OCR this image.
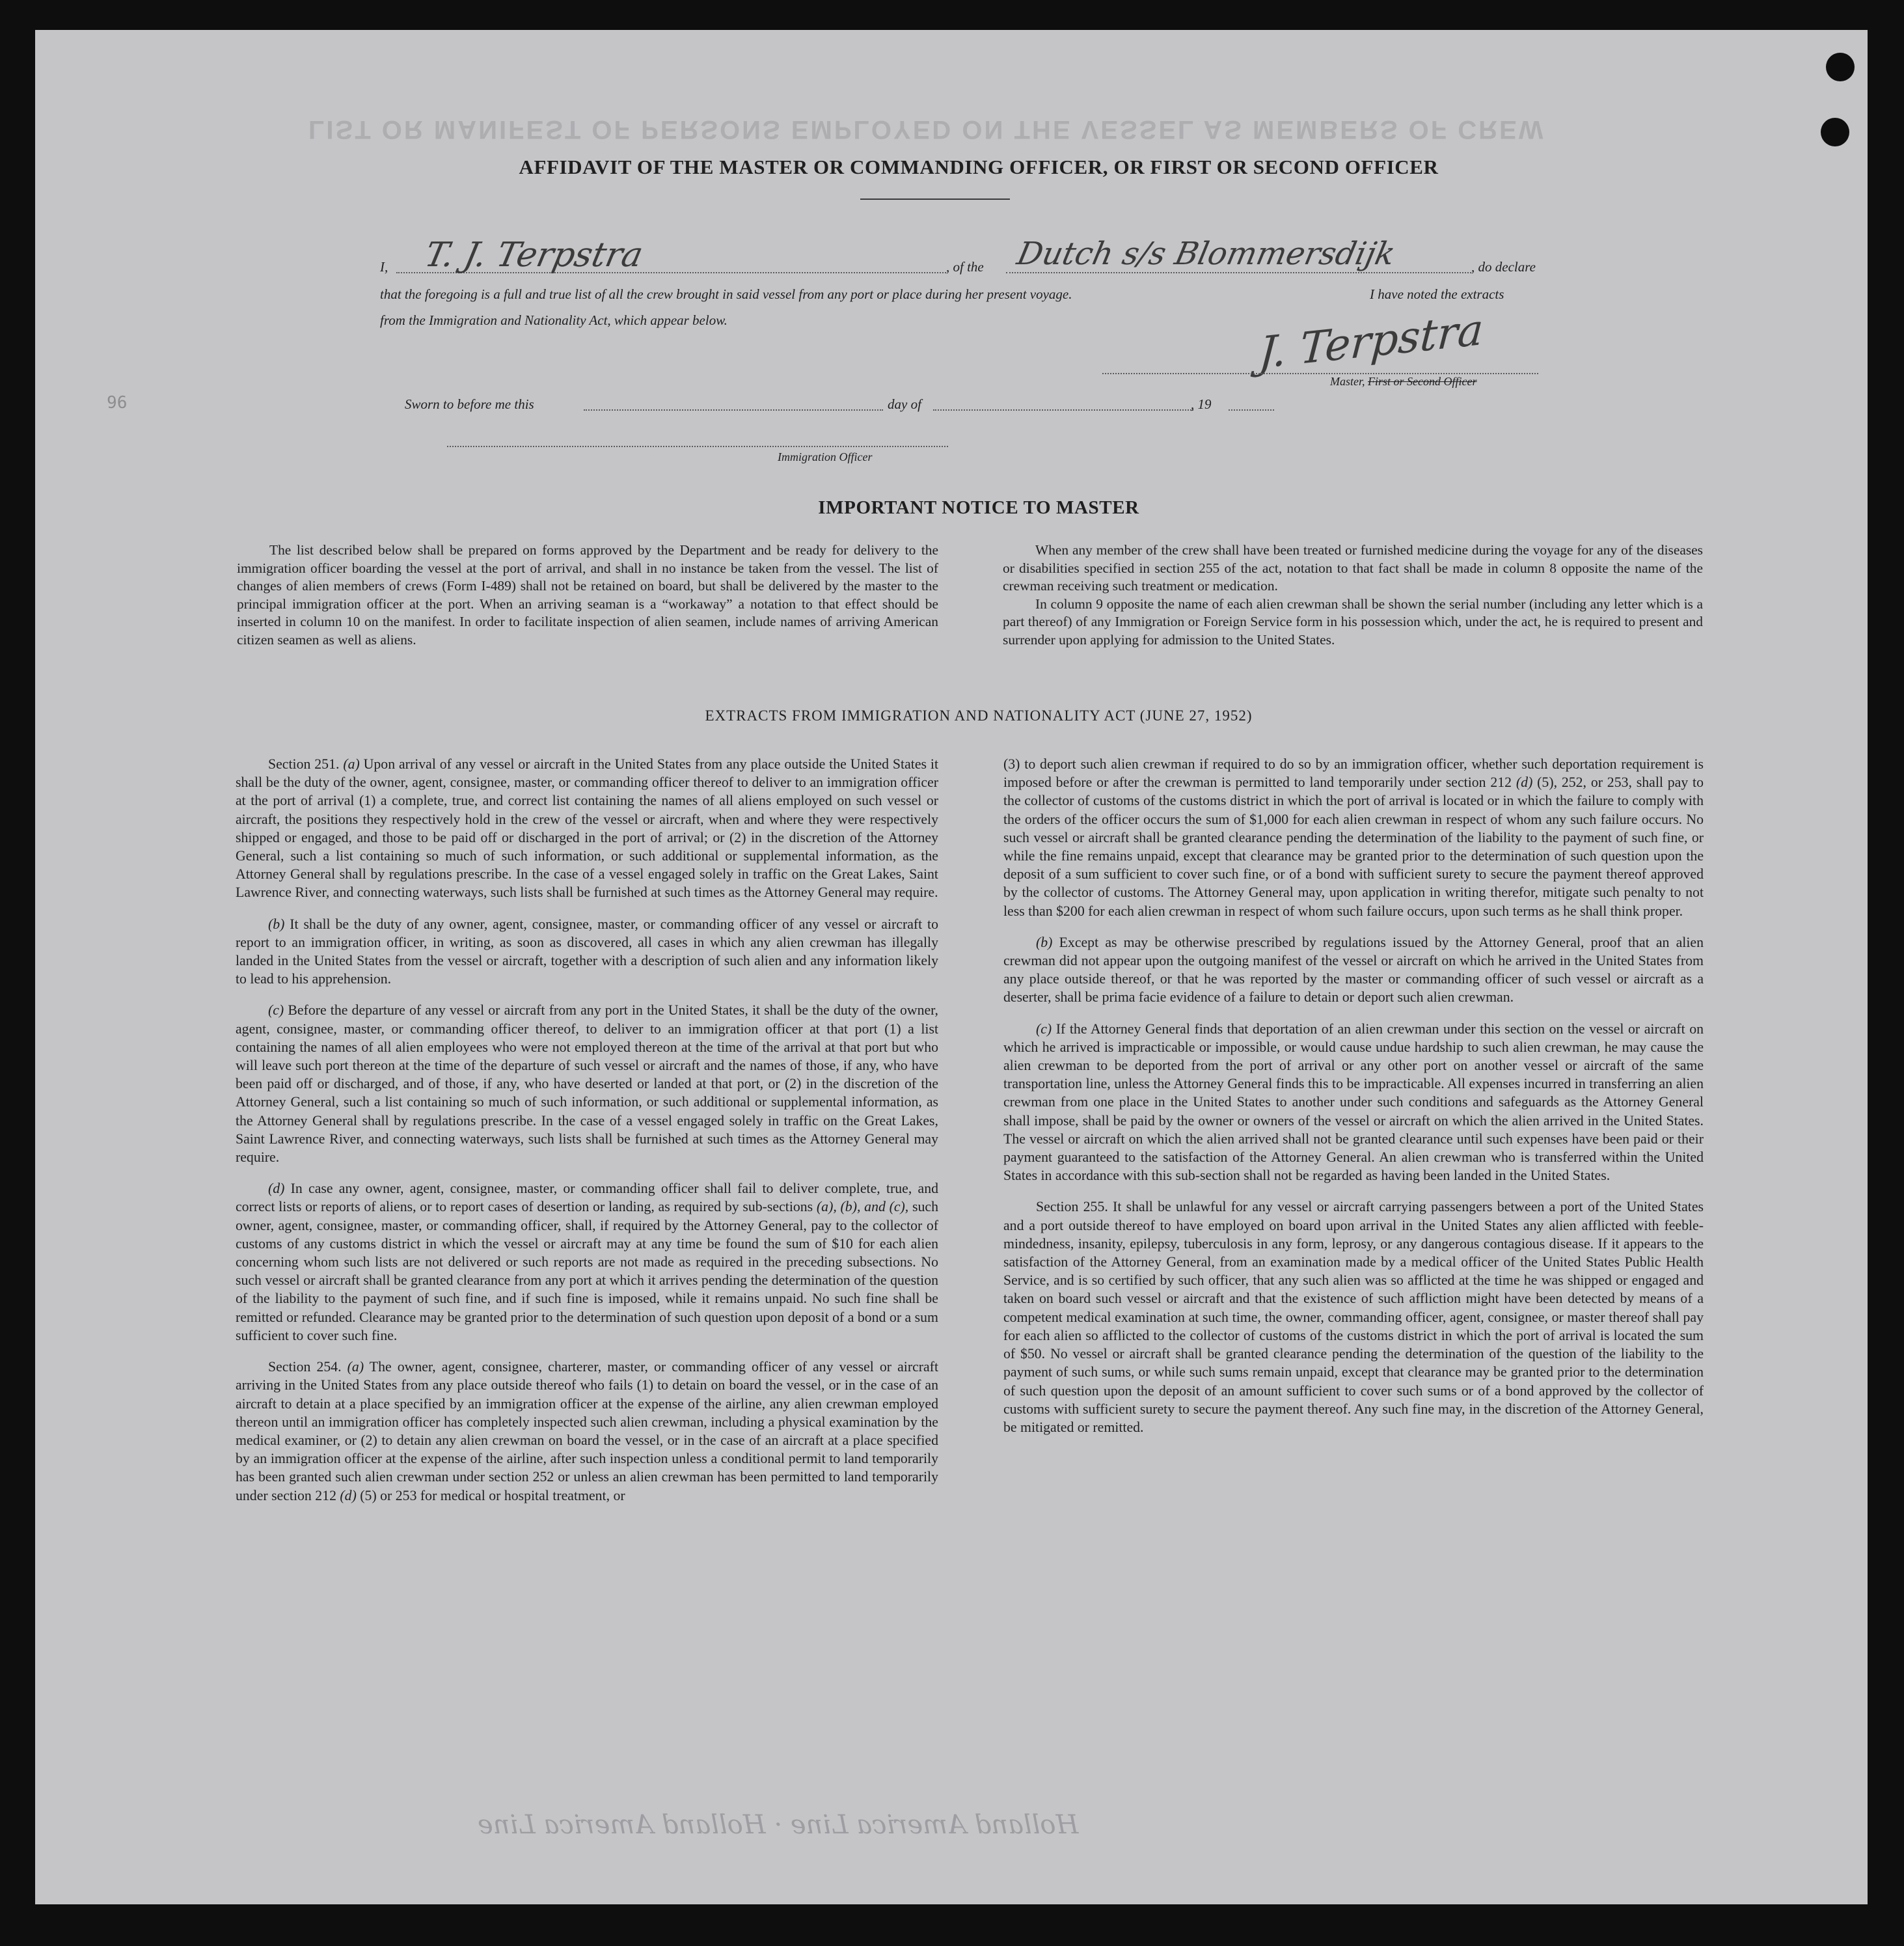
LIST OR MANIFEST OF PERSONS EMPLOYED ON THE VESSEL AS MEMBERS OF CREW
96
AFFIDAVIT OF THE MASTER OR COMMANDING OFFICER, OR FIRST OR SECOND OFFICER
I, T. J. Terpstra	, of the Dutch s/s Blommersdijk	, do declare
that the foregoing is a full and true list of all the crew brought in said vessel from any port or place during her present voyage.	I have noted the extracts
from the Immigration and Nationality Act, which appear below.	J. Terpstra
Master, First or Second Officer
Sworn to before me this	day of	, 19
Immigration Officer
IMPORTANT NOTICE TO MASTER

The list described below shall be prepared on forms approved by the Department and be ready for delivery to the immigration officer boarding the vessel at the port of arrival, and shall in no instance be taken from the vessel. The list of changes of alien members of crews (Form I-489) shall not be retained on board, but shall be delivered by the master to the principal immigration officer at the port. When an arriving seaman is a “workaway” a notation to that effect should be inserted in column 10 on the manifest. In order to facilitate inspection of alien seamen, include names of arriving American citizen seamen as well as aliens.

When any member of the crew shall have been treated or furnished medicine during the voyage for any of the diseases or disabilities specified in section 255 of the act, notation to that fact shall be made in column 8 opposite the name of the crewman receiving such treatment or medication.

In column 9 opposite the name of each alien crewman shall be shown the serial number (including any letter which is a part thereof) of any Immigration or Foreign Service form in his possession which, under the act, he is required to present and surrender upon applying for admission to the United States.

EXTRACTS FROM IMMIGRATION AND NATIONALITY ACT (JUNE 27, 1952)

Section 251. (a) Upon arrival of any vessel or aircraft in the United States from any place outside the United States it shall be the duty of the owner, agent, consignee, master, or commanding officer thereof to deliver to an immigration officer at the port of arrival (1) a complete, true, and correct list containing the names of all aliens employed on such vessel or aircraft, the positions they respectively hold in the crew of the vessel or aircraft, when and where they were respectively shipped or engaged, and those to be paid off or discharged in the port of arrival; or (2) in the discretion of the Attorney General, such a list containing so much of such information, or such additional or supplemental information, as the Attorney General shall by regulations prescribe. In the case of a vessel engaged solely in traffic on the Great Lakes, Saint Lawrence River, and connecting waterways, such lists shall be furnished at such times as the Attorney General may require.

(b) It shall be the duty of any owner, agent, consignee, master, or commanding officer of any vessel or aircraft to report to an immigration officer, in writing, as soon as discovered, all cases in which any alien crewman has illegally landed in the United States from the vessel or aircraft, together with a description of such alien and any information likely to lead to his apprehension.

(c) Before the departure of any vessel or aircraft from any port in the United States, it shall be the duty of the owner, agent, consignee, master, or commanding officer thereof, to deliver to an immigration officer at that port (1) a list containing the names of all alien employees who were not employed thereon at the time of the arrival at that port but who will leave such port thereon at the time of the departure of such vessel or aircraft and the names of those, if any, who have been paid off or discharged, and of those, if any, who have deserted or landed at that port, or (2) in the discretion of the Attorney General, such a list containing so much of such information, or such additional or supplemental information, as the Attorney General shall by regulations prescribe. In the case of a vessel engaged solely in traffic on the Great Lakes, Saint Lawrence River, and connecting waterways, such lists shall be furnished at such times as the Attorney General may require.

(d) In case any owner, agent, consignee, master, or commanding officer shall fail to deliver complete, true, and correct lists or reports of aliens, or to report cases of desertion or landing, as required by sub-sections (a), (b), and (c), such owner, agent, consignee, master, or commanding officer, shall, if required by the Attorney General, pay to the collector of customs of any customs district in which the vessel or aircraft may at any time be found the sum of $10 for each alien concerning whom such lists are not delivered or such reports are not made as required in the preceding subsections. No such vessel or aircraft shall be granted clearance from any port at which it arrives pending the determination of the question of the liability to the payment of such fine, and if such fine is imposed, while it remains unpaid. No such fine shall be remitted or refunded. Clearance may be granted prior to the determination of such question upon deposit of a bond or a sum sufficient to cover such fine.

Section 254. (a) The owner, agent, consignee, charterer, master, or commanding officer of any vessel or aircraft arriving in the United States from any place outside thereof who fails (1) to detain on board the vessel, or in the case of an aircraft to detain at a place specified by an immigration officer at the expense of the airline, any alien crewman employed thereon until an immigration officer has completely inspected such alien crewman, including a physical examination by the medical examiner, or (2) to detain any alien crewman on board the vessel, or in the case of an aircraft at a place specified by an immigration officer at the expense of the airline, after such inspection unless a conditional permit to land temporarily has been granted such alien crewman under section 252 or unless an alien crewman has been permitted to land temporarily under section 212 (d) (5) or 253 for medical or hospital treatment, or

(3) to deport such alien crewman if required to do so by an immigration officer, whether such deportation requirement is imposed before or after the crewman is permitted to land temporarily under section 212 (d) (5), 252, or 253, shall pay to the collector of customs of the customs district in which the port of arrival is located or in which the failure to comply with the orders of the officer occurs the sum of $1,000 for each alien crewman in respect of whom any such failure occurs. No such vessel or aircraft shall be granted clearance pending the determination of the liability to the payment of such fine, or while the fine remains unpaid, except that clearance may be granted prior to the determination of such question upon the deposit of a sum sufficient to cover such fine, or of a bond with sufficient surety to secure the payment thereof approved by the collector of customs. The Attorney General may, upon application in writing therefor, mitigate such penalty to not less than $200 for each alien crewman in respect of whom such failure occurs, upon such terms as he shall think proper.

(b) Except as may be otherwise prescribed by regulations issued by the Attorney General, proof that an alien crewman did not appear upon the outgoing manifest of the vessel or aircraft on which he arrived in the United States from any place outside thereof, or that he was reported by the master or commanding officer of such vessel or aircraft as a deserter, shall be prima facie evidence of a failure to detain or deport such alien crewman.

(c) If the Attorney General finds that deportation of an alien crewman under this section on the vessel or aircraft on which he arrived is impracticable or impossible, or would cause undue hardship to such alien crewman, he may cause the alien crewman to be deported from the port of arrival or any other port on another vessel or aircraft of the same transportation line, unless the Attorney General finds this to be impracticable. All expenses incurred in transferring an alien crewman from one place in the United States to another under such conditions and safeguards as the Attorney General shall impose, shall be paid by the owner or owners of the vessel or aircraft on which the alien arrived in the United States. The vessel or aircraft on which the alien arrived shall not be granted clearance until such expenses have been paid or their payment guaranteed to the satisfaction of the Attorney General. An alien crewman who is transferred within the United States in accordance with this sub-section shall not be regarded as having been landed in the United States.

Section 255. It shall be unlawful for any vessel or aircraft carrying passengers between a port of the United States and a port outside thereof to have employed on board upon arrival in the United States any alien afflicted with feeble-mindedness, insanity, epilepsy, tuberculosis in any form, leprosy, or any dangerous contagious disease. If it appears to the satisfaction of the Attorney General, from an examination made by a medical officer of the United States Public Health Service, and is so certified by such officer, that any such alien was so afflicted at the time he was shipped or engaged and taken on board such vessel or aircraft and that the existence of such affliction might have been detected by means of a competent medical examination at such time, the owner, commanding officer, agent, consignee, or master thereof shall pay for each alien so afflicted to the collector of customs of the customs district in which the port of arrival is located the sum of $50. No vessel or aircraft shall be granted clearance pending the determination of the question of the liability to the payment of such sums, or while such sums remain unpaid, except that clearance may be granted prior to the determination of such question upon the deposit of an amount sufficient to cover such sums or of a bond approved by the collector of customs with sufficient surety to secure the payment thereof. Any such fine may, in the discretion of the Attorney General, be mitigated or remitted.

Holland America Line · Holland America Line
